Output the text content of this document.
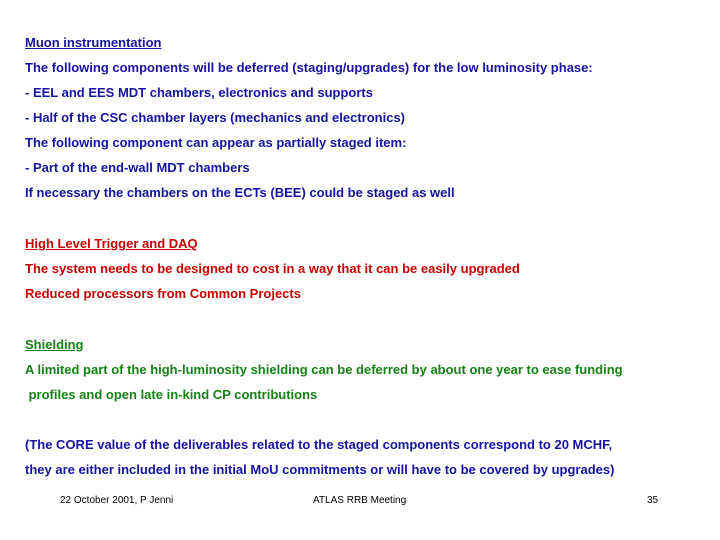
Muon instrumentation
The following components will be deferred (staging/upgrades) for the low luminosity phase:
- EEL and EES MDT chambers, electronics and supports
- Half of the CSC chamber layers (mechanics and electronics)
The following component can appear as partially staged item:
- Part of the end-wall MDT chambers
If necessary the chambers on the ECTs (BEE) could be staged as well
High Level Trigger and DAQ
The system needs to be designed to cost in a way that it can be easily upgraded
Reduced processors from Common Projects
Shielding
A limited part of the high-luminosity shielding can be deferred by about one year to ease funding
profiles and open late in-kind CP contributions
(The CORE value of the deliverables related to the staged components correspond to 20 MCHF,
they are either included in the initial MoU commitments or will have to be covered by upgrades)
22 October 2001, P Jenni	ATLAS RRB Meeting	35
